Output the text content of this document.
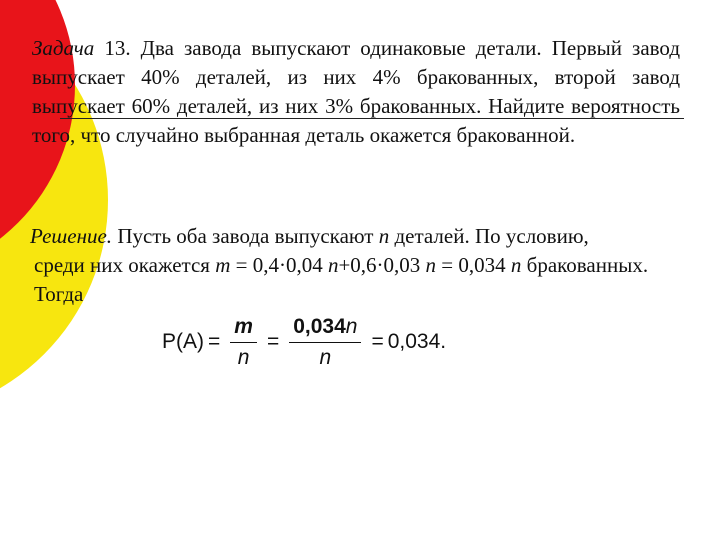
Задача 13. Два завода выпускают одинаковые детали. Первый завод выпускает 40% деталей, из них 4% бракованных, второй завод выпускает 60% деталей, из них 3% бракованных. Найдите вероятность того, что случайно выбранная деталь окажется бракованной.
Решение. Пусть оба завода выпускают n деталей. По условию,
среди них окажется m = 0,4·0,04 n+0,6·0,03 n = 0,034 n бракованных.
Тогда
$P(A) = \frac{m}{n} = \frac{0,034n}{n} = 0,034$.
